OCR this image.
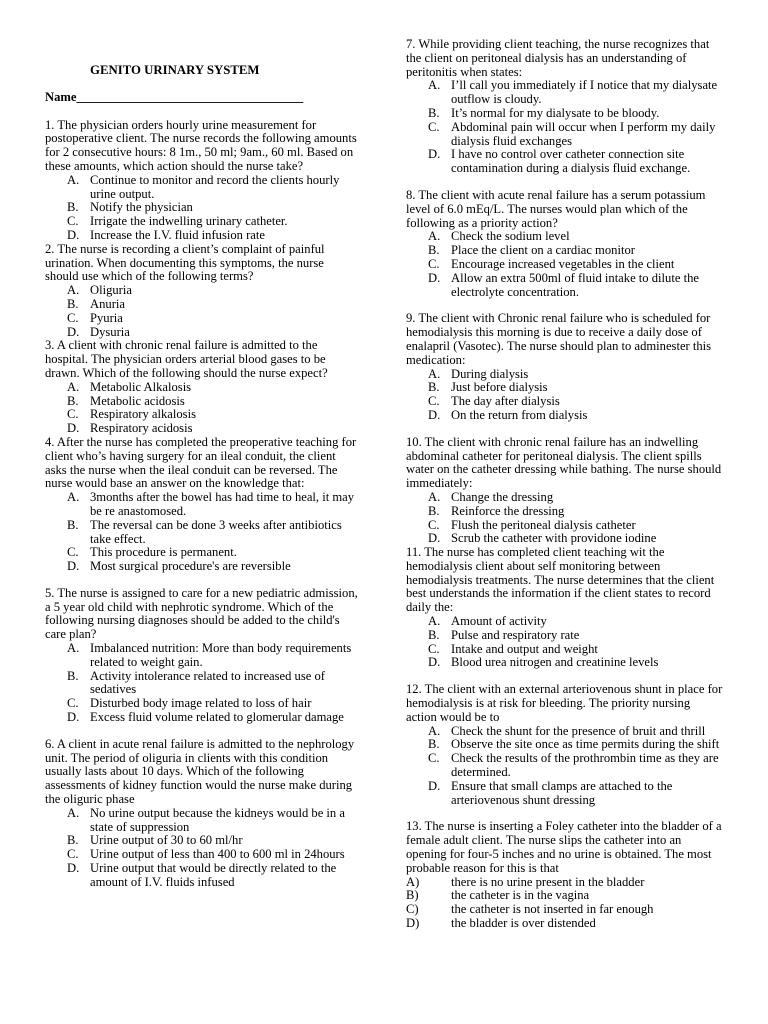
GENITO URINARY SYSTEM
Name____________________________________

1. The physician orders hourly urine measurement for postoperative client. The nurse records the following amounts for 2 consecutive hours: 8 1m., 50 ml; 9am., 60 ml. Based on these amounts, which action should the nurse take?

A. Continue to monitor and record the clients hourly urine output.
B. Notify the physician
C. Irrigate the indwelling urinary catheter.
D. Increase the I.V. fluid infusion rate

2. The nurse is recording a client’s complaint of painful urination. When documenting this symptoms, the nurse should use which of the following terms?

A. Oliguria
B. Anuria
C. Pyuria
D. Dysuria

3. A client with chronic renal failure is admitted to the hospital. The physician orders arterial blood gases to be drawn. Which of the following should the nurse expect?

A. Metabolic Alkalosis
B. Metabolic acidosis
C. Respiratory alkalosis
D. Respiratory acidosis

4. After the nurse has completed the preoperative teaching for client who’s having surgery for an ileal conduit, the client asks the nurse when the ileal conduit can be reversed. The nurse would base an answer on the knowledge that:

A. 3months after the bowel has had time to heal, it may be re anastomosed.
B. The reversal can be done 3 weeks after antibiotics take effect.
C. This procedure is permanent.
D. Most surgical procedure's are reversible

5. The nurse is assigned to care for a new pediatric admission, a 5 year old child with nephrotic syndrome. Which of the following nursing diagnoses should be added to the child's care plan?

A. Imbalanced nutrition: More than body requirements related to weight gain.
B. Activity intolerance related to increased use of sedatives
C. Disturbed body image related to loss of hair
D. Excess fluid volume related to glomerular damage

6. A client in acute renal failure is admitted to the nephrology unit. The period of oliguria in clients with this condition usually lasts about 10 days. Which of the following assessments of kidney function would the nurse make during the oliguric phase

A. No urine output because the kidneys would be in a state of suppression
B. Urine output of 30 to 60 ml/hr
C. Urine output of less than 400 to 600 ml in 24hours
D. Urine output that would be directly related to the amount of I.V. fluids infused

7. While providing client teaching, the nurse recognizes that the client on peritoneal dialysis has an understanding of peritonitis when states:

A. I’ll call you immediately if I notice that my dialysate outflow is cloudy.
B. It’s normal for my dialysate to be bloody.
C. Abdominal pain will occur when I perform my daily dialysis fluid exchanges
D. I have no control over catheter connection site contamination during a dialysis fluid exchange.

8. The client with acute renal failure has a serum potassium level of 6.0 mEq/L. The nurses would plan which of the following as a priority action?

A. Check the sodium level
B. Place the client on a cardiac monitor
C. Encourage increased vegetables in the client
D. Allow an extra 500ml of fluid intake to dilute the electrolyte concentration.

9. The client with Chronic renal failure who is scheduled for hemodialysis this morning is due to receive a daily dose of enalapril (Vasotec). The nurse should plan to adminester this medication:

A. During dialysis
B. Just before dialysis
C. The day after dialysis
D. On the return from dialysis

10. The client with chronic renal failure has an indwelling abdominal catheter for peritoneal dialysis. The client spills water on the catheter dressing while bathing. The nurse should immediately:

A. Change the dressing
B. Reinforce the dressing
C. Flush the peritoneal dialysis catheter
D. Scrub the catheter with providone iodine

11. The nurse has completed client teaching wit the hemodialysis client about self monitoring between hemodialysis treatments. The nurse determines that the client best understands the information if the client states to record daily the:

A. Amount of activity
B. Pulse and respiratory rate
C. Intake and output and weight
D. Blood urea nitrogen and creatinine levels

12. The client with an external arteriovenous shunt in place for hemodialysis is at risk for bleeding. The priority nursing action would be to

A. Check the shunt for the presence of bruit and thrill
B. Observe the site once as time permits during the shift
C. Check the results of the prothrombin time as they are determined.
D. Ensure that small clamps are attached to the arteriovenous shunt dressing

13. The nurse is inserting a Foley catheter into the bladder of a female adult client. The nurse slips the catheter into an opening for four-5 inches and no urine is obtained. The most probable reason for this is that

A)	there is no urine present in the bladder
B)	the catheter is in the vagina
C)	the catheter is not inserted in far enough
D)	the bladder is over distended
